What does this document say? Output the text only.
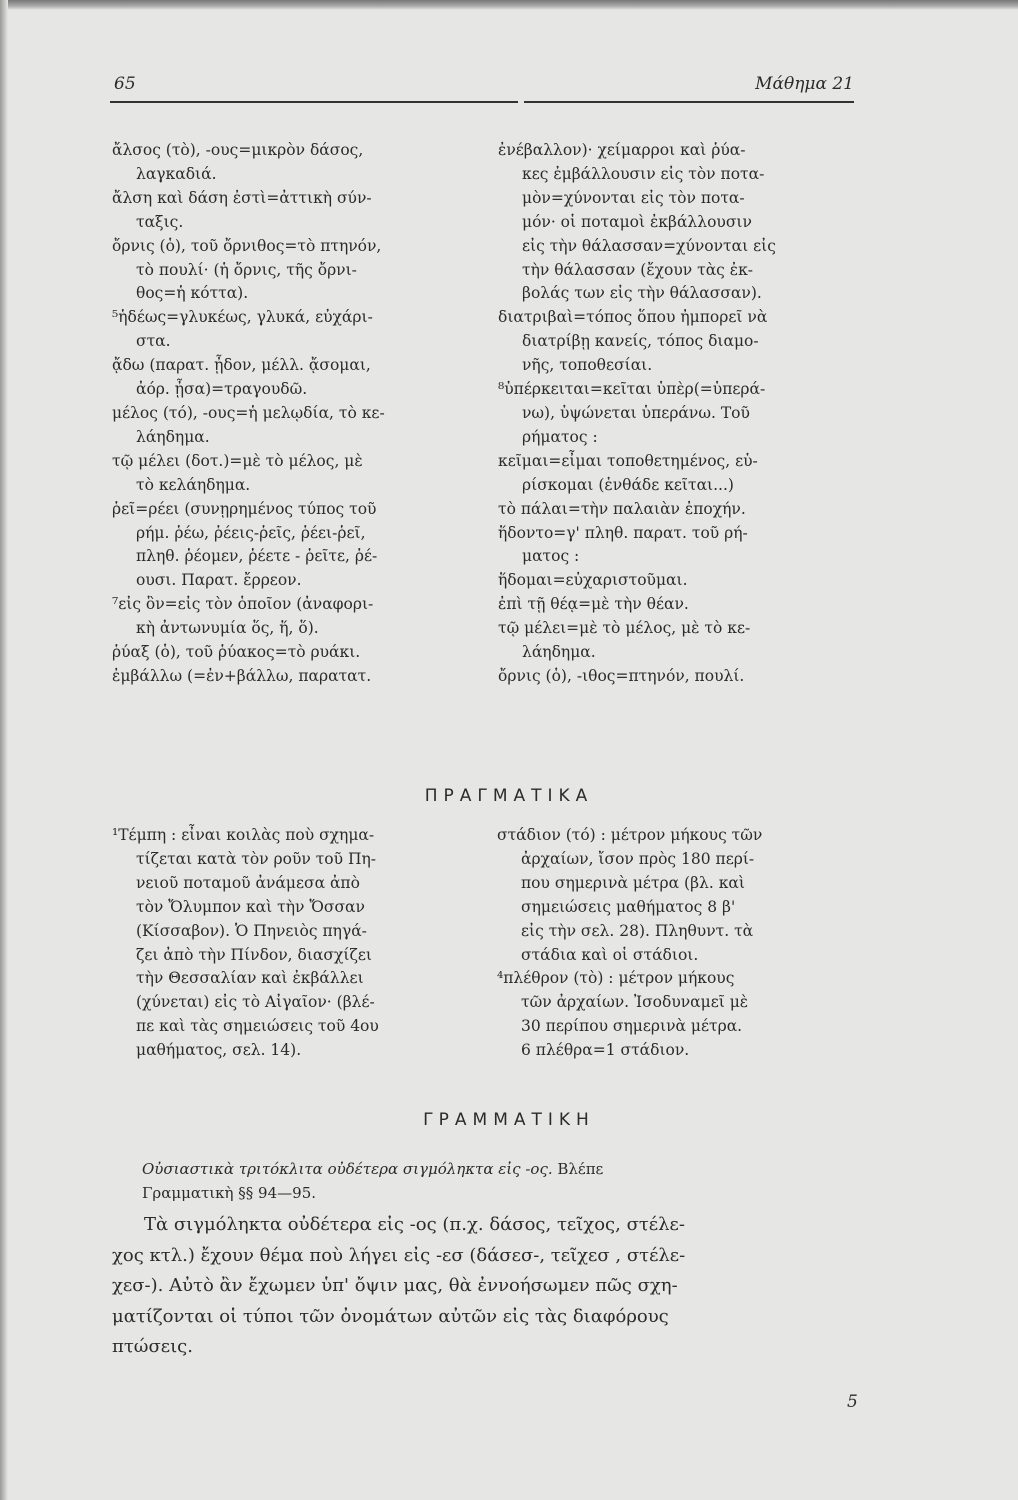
65	Μάθημα 21

ἄλσος (τὸ), -ους=μικρὸν δάσος,

λαγκαδιά.

ἄλση καὶ δάση ἐστὶ=ἀττικὴ σύν-

ταξις.

ὄρνις (ὁ), τοῦ ὄρνιθος=τὸ πτηνόν,

τὸ πουλί· (ἡ ὄρνις, τῆς ὄρνι-

θος=ἡ κόττα).

⁵ἡδέως=γλυκέως, γλυκά, εὐχάρι-

στα.

ᾄδω (παρατ. ᾖδον, μέλλ. ᾄσομαι,

ἀόρ. ᾖσα)=τραγουδῶ.

μέλος (τό), -ους=ἡ μελῳδία, τὸ κε-

λάηδημα.

τῷ μέλει (δοτ.)=μὲ τὸ μέλος, μὲ

τὸ κελάηδημα.

ῥεῖ=ρέει (συνῃρημένος τύπος τοῦ

ρήμ. ῥέω, ῥέεις-ῥεῖς, ῥέει-ῥεῖ,

πληθ. ῥέομεν, ῥέετε - ῥεῖτε, ῥέ-

ουσι. Παρατ. ἔρρεον.

⁷εἰς ὃν=εἰς τὸν ὁποῖον (ἀναφορι-

κὴ ἀντωνυμία ὅς, ἥ, ὅ).

ῥύαξ (ὁ), τοῦ ῥύακος=τὸ ρυάκι.

ἐμβάλλω (=ἐν+βάλλω, παρατατ.

ἐνέβαλλον)· χείμαρροι καὶ ῥύα-

κες ἐμβάλλουσιν εἰς τὸν ποτα-

μὸν=χύνονται εἰς τὸν ποτα-

μόν· οἱ ποταμοὶ ἐκβάλλουσιν

εἰς τὴν θάλασσαν=χύνονται εἰς

τὴν θάλασσαν (ἔχουν τὰς ἐκ-

βολάς των εἰς τὴν θάλασσαν).

διατριβαὶ=τόπος ὅπου ἠμπορεῖ νὰ

διατρίβῃ κανείς, τόπος διαμο-

νῆς, τοποθεσίαι.

⁸ὑπέρκειται=κεῖται ὑπὲρ(=ὑπερά-

νω), ὑψώνεται ὑπεράνω. Τοῦ

ρήματος :

κεῖμαι=εἶμαι τοποθετημένος, εὑ-

ρίσκομαι (ἐνθάδε κεῖται...)

τὸ πάλαι=τὴν παλαιὰν ἐποχήν.

ἥδοντο=γ' πληθ. παρατ. τοῦ ρή-

ματος :

ἥδομαι=εὐχαριστοῦμαι.

ἐπὶ τῇ θέᾳ=μὲ τὴν θέαν.

τῷ μέλει=μὲ τὸ μέλος, μὲ τὸ κε-

λάηδημα.

ὄρνις (ὁ), -ιθος=πτηνόν, πουλί.

ΠΡΑΓΜΑΤΙΚΑ

¹Τέμπη : εἶναι κοιλὰς ποὺ σχημα-

τίζεται κατὰ τὸν ροῦν τοῦ Πη-

νειοῦ ποταμοῦ ἀνάμεσα ἀπὸ

τὸν Ὄλυμπον καὶ τὴν Ὄσσαν

(Κίσσαβον). Ὁ Πηνειὸς πηγά-

ζει ἀπὸ τὴν Πίνδον, διασχίζει

τὴν Θεσσαλίαν καὶ ἐκβάλλει

(χύνεται) εἰς τὸ Αἰγαῖον· (βλέ-

πε καὶ τὰς σημειώσεις τοῦ 4ου

μαθήματος, σελ. 14).

στάδιον (τό) : μέτρον μήκους τῶν

ἀρχαίων, ἴσον πρὸς 180 περί-

που σημερινὰ μέτρα (βλ. καὶ

σημειώσεις μαθήματος 8 β'

εἰς τὴν σελ. 28). Πληθυντ. τὰ

στάδια καὶ οἱ στάδιοι.

⁴πλέθρον (τὸ) : μέτρον μήκους

τῶν ἀρχαίων. Ἰσοδυναμεῖ μὲ

30 περίπου σημερινὰ μέτρα.

6 πλέθρα=1 στάδιον.

ΓΡΑΜΜΑΤΙΚΗ
Οὐσιαστικὰ τριτόκλιτα οὐδέτερα σιγμόληκτα εἰς -ος. Βλέπε
Γραμματικὴ §§ 94—95.
Τὰ σιγμόληκτα οὐδέτερα εἰς -ος (π.χ. δάσος, τεῖχος, στέλε-
χος κτλ.) ἔχουν θέμα ποὺ λήγει εἰς -εσ (δάσεσ-, τεῖχεσ , στέλε-
χεσ-). Αὐτὸ ἂν ἔχωμεν ὑπ' ὄψιν μας, θὰ ἐννοήσωμεν πῶς σχη-
ματίζονται οἱ τύποι τῶν ὀνομάτων αὐτῶν εἰς τὰς διαφόρους
πτώσεις.
5
